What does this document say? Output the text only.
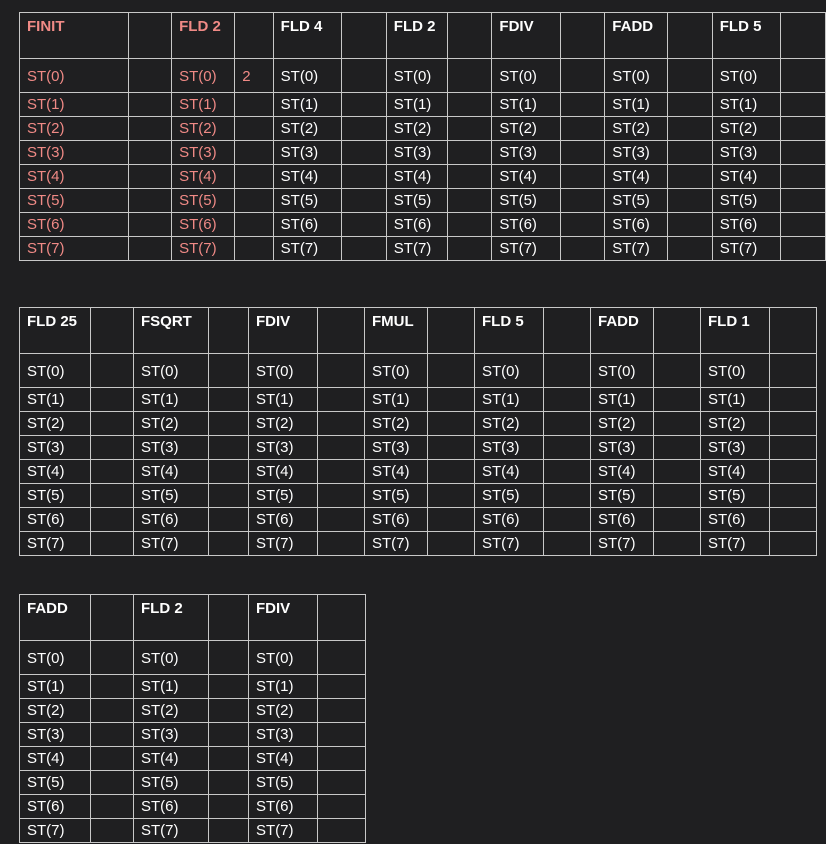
FINIT		FLD 2		FLD 4		FLD 2		FDIV		FADD		FLD 5	
ST(0)		ST(0)	2	ST(0)		ST(0)		ST(0)		ST(0)		ST(0)	
ST(1)		ST(1)		ST(1)		ST(1)		ST(1)		ST(1)		ST(1)	
ST(2)		ST(2)		ST(2)		ST(2)		ST(2)		ST(2)		ST(2)	
ST(3)		ST(3)		ST(3)		ST(3)		ST(3)		ST(3)		ST(3)	
ST(4)		ST(4)		ST(4)		ST(4)		ST(4)		ST(4)		ST(4)	
ST(5)		ST(5)		ST(5)		ST(5)		ST(5)		ST(5)		ST(5)	
ST(6)		ST(6)		ST(6)		ST(6)		ST(6)		ST(6)		ST(6)	
ST(7)		ST(7)		ST(7)		ST(7)		ST(7)		ST(7)		ST(7)	
FLD 25		FSQRT		FDIV		FMUL		FLD 5		FADD		FLD 1	
ST(0)		ST(0)		ST(0)		ST(0)		ST(0)		ST(0)		ST(0)	
ST(1)		ST(1)		ST(1)		ST(1)		ST(1)		ST(1)		ST(1)	
ST(2)		ST(2)		ST(2)		ST(2)		ST(2)		ST(2)		ST(2)	
ST(3)		ST(3)		ST(3)		ST(3)		ST(3)		ST(3)		ST(3)	
ST(4)		ST(4)		ST(4)		ST(4)		ST(4)		ST(4)		ST(4)	
ST(5)		ST(5)		ST(5)		ST(5)		ST(5)		ST(5)		ST(5)	
ST(6)		ST(6)		ST(6)		ST(6)		ST(6)		ST(6)		ST(6)	
ST(7)		ST(7)		ST(7)		ST(7)		ST(7)		ST(7)		ST(7)	
FADD		FLD 2		FDIV	
ST(0)		ST(0)		ST(0)	
ST(1)		ST(1)		ST(1)	
ST(2)		ST(2)		ST(2)	
ST(3)		ST(3)		ST(3)	
ST(4)		ST(4)		ST(4)	
ST(5)		ST(5)		ST(5)	
ST(6)		ST(6)		ST(6)	
ST(7)		ST(7)		ST(7)	
